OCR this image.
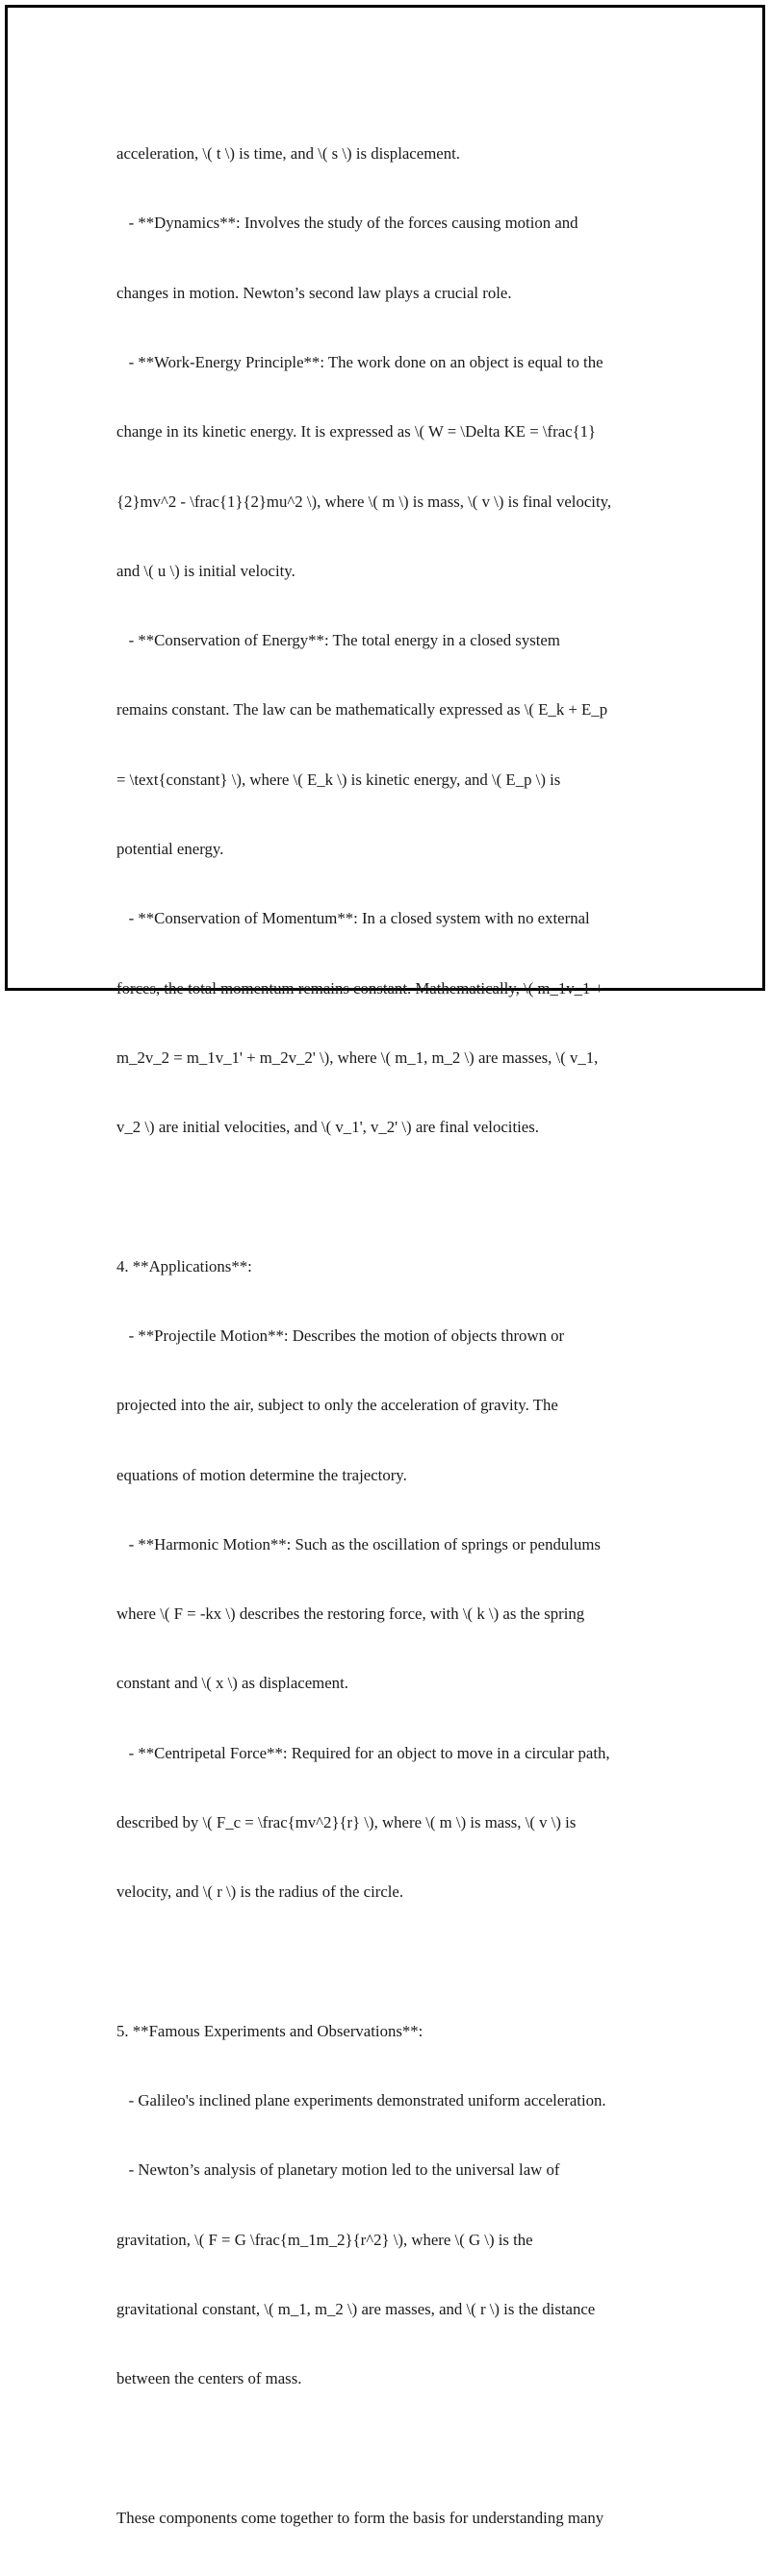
acceleration, \( t \) is time, and \( s \) is displacement.

- **Dynamics**: Involves the study of the forces causing motion and

changes in motion. Newton’s second law plays a crucial role.

- **Work-Energy Principle**: The work done on an object is equal to the

change in its kinetic energy. It is expressed as \( W = \Delta KE = \frac{1}

{2}mv^2 - \frac{1}{2}mu^2 \), where \( m \) is mass, \( v \) is final velocity,

and \( u \) is initial velocity.

- **Conservation of Energy**: The total energy in a closed system

remains constant. The law can be mathematically expressed as \( E_k + E_p

= \text{constant} \), where \( E_k \) is kinetic energy, and \( E_p \) is

potential energy.

- **Conservation of Momentum**: In a closed system with no external

forces, the total momentum remains constant. Mathematically, \( m_1v_1 +

m_2v_2 = m_1v_1' + m_2v_2' \), where \( m_1, m_2 \) are masses, \( v_1,

v_2 \) are initial velocities, and \( v_1', v_2' \) are final velocities.

4. **Applications**:

- **Projectile Motion**: Describes the motion of objects thrown or

projected into the air, subject to only the acceleration of gravity. The

equations of motion determine the trajectory.

- **Harmonic Motion**: Such as the oscillation of springs or pendulums

where \( F = -kx \) describes the restoring force, with \( k \) as the spring

constant and \( x \) as displacement.

- **Centripetal Force**: Required for an object to move in a circular path,

described by \( F_c = \frac{mv^2}{r} \), where \( m \) is mass, \( v \) is

velocity, and \( r \) is the radius of the circle.

5. **Famous Experiments and Observations**:

- Galileo's inclined plane experiments demonstrated uniform acceleration.

- Newton’s analysis of planetary motion led to the universal law of

gravitation, \( F = G \frac{m_1m_2}{r^2} \), where \( G \) is the

gravitational constant, \( m_1, m_2 \) are masses, and \( r \) is the distance

between the centers of mass.

These components come together to form the basis for understanding many
